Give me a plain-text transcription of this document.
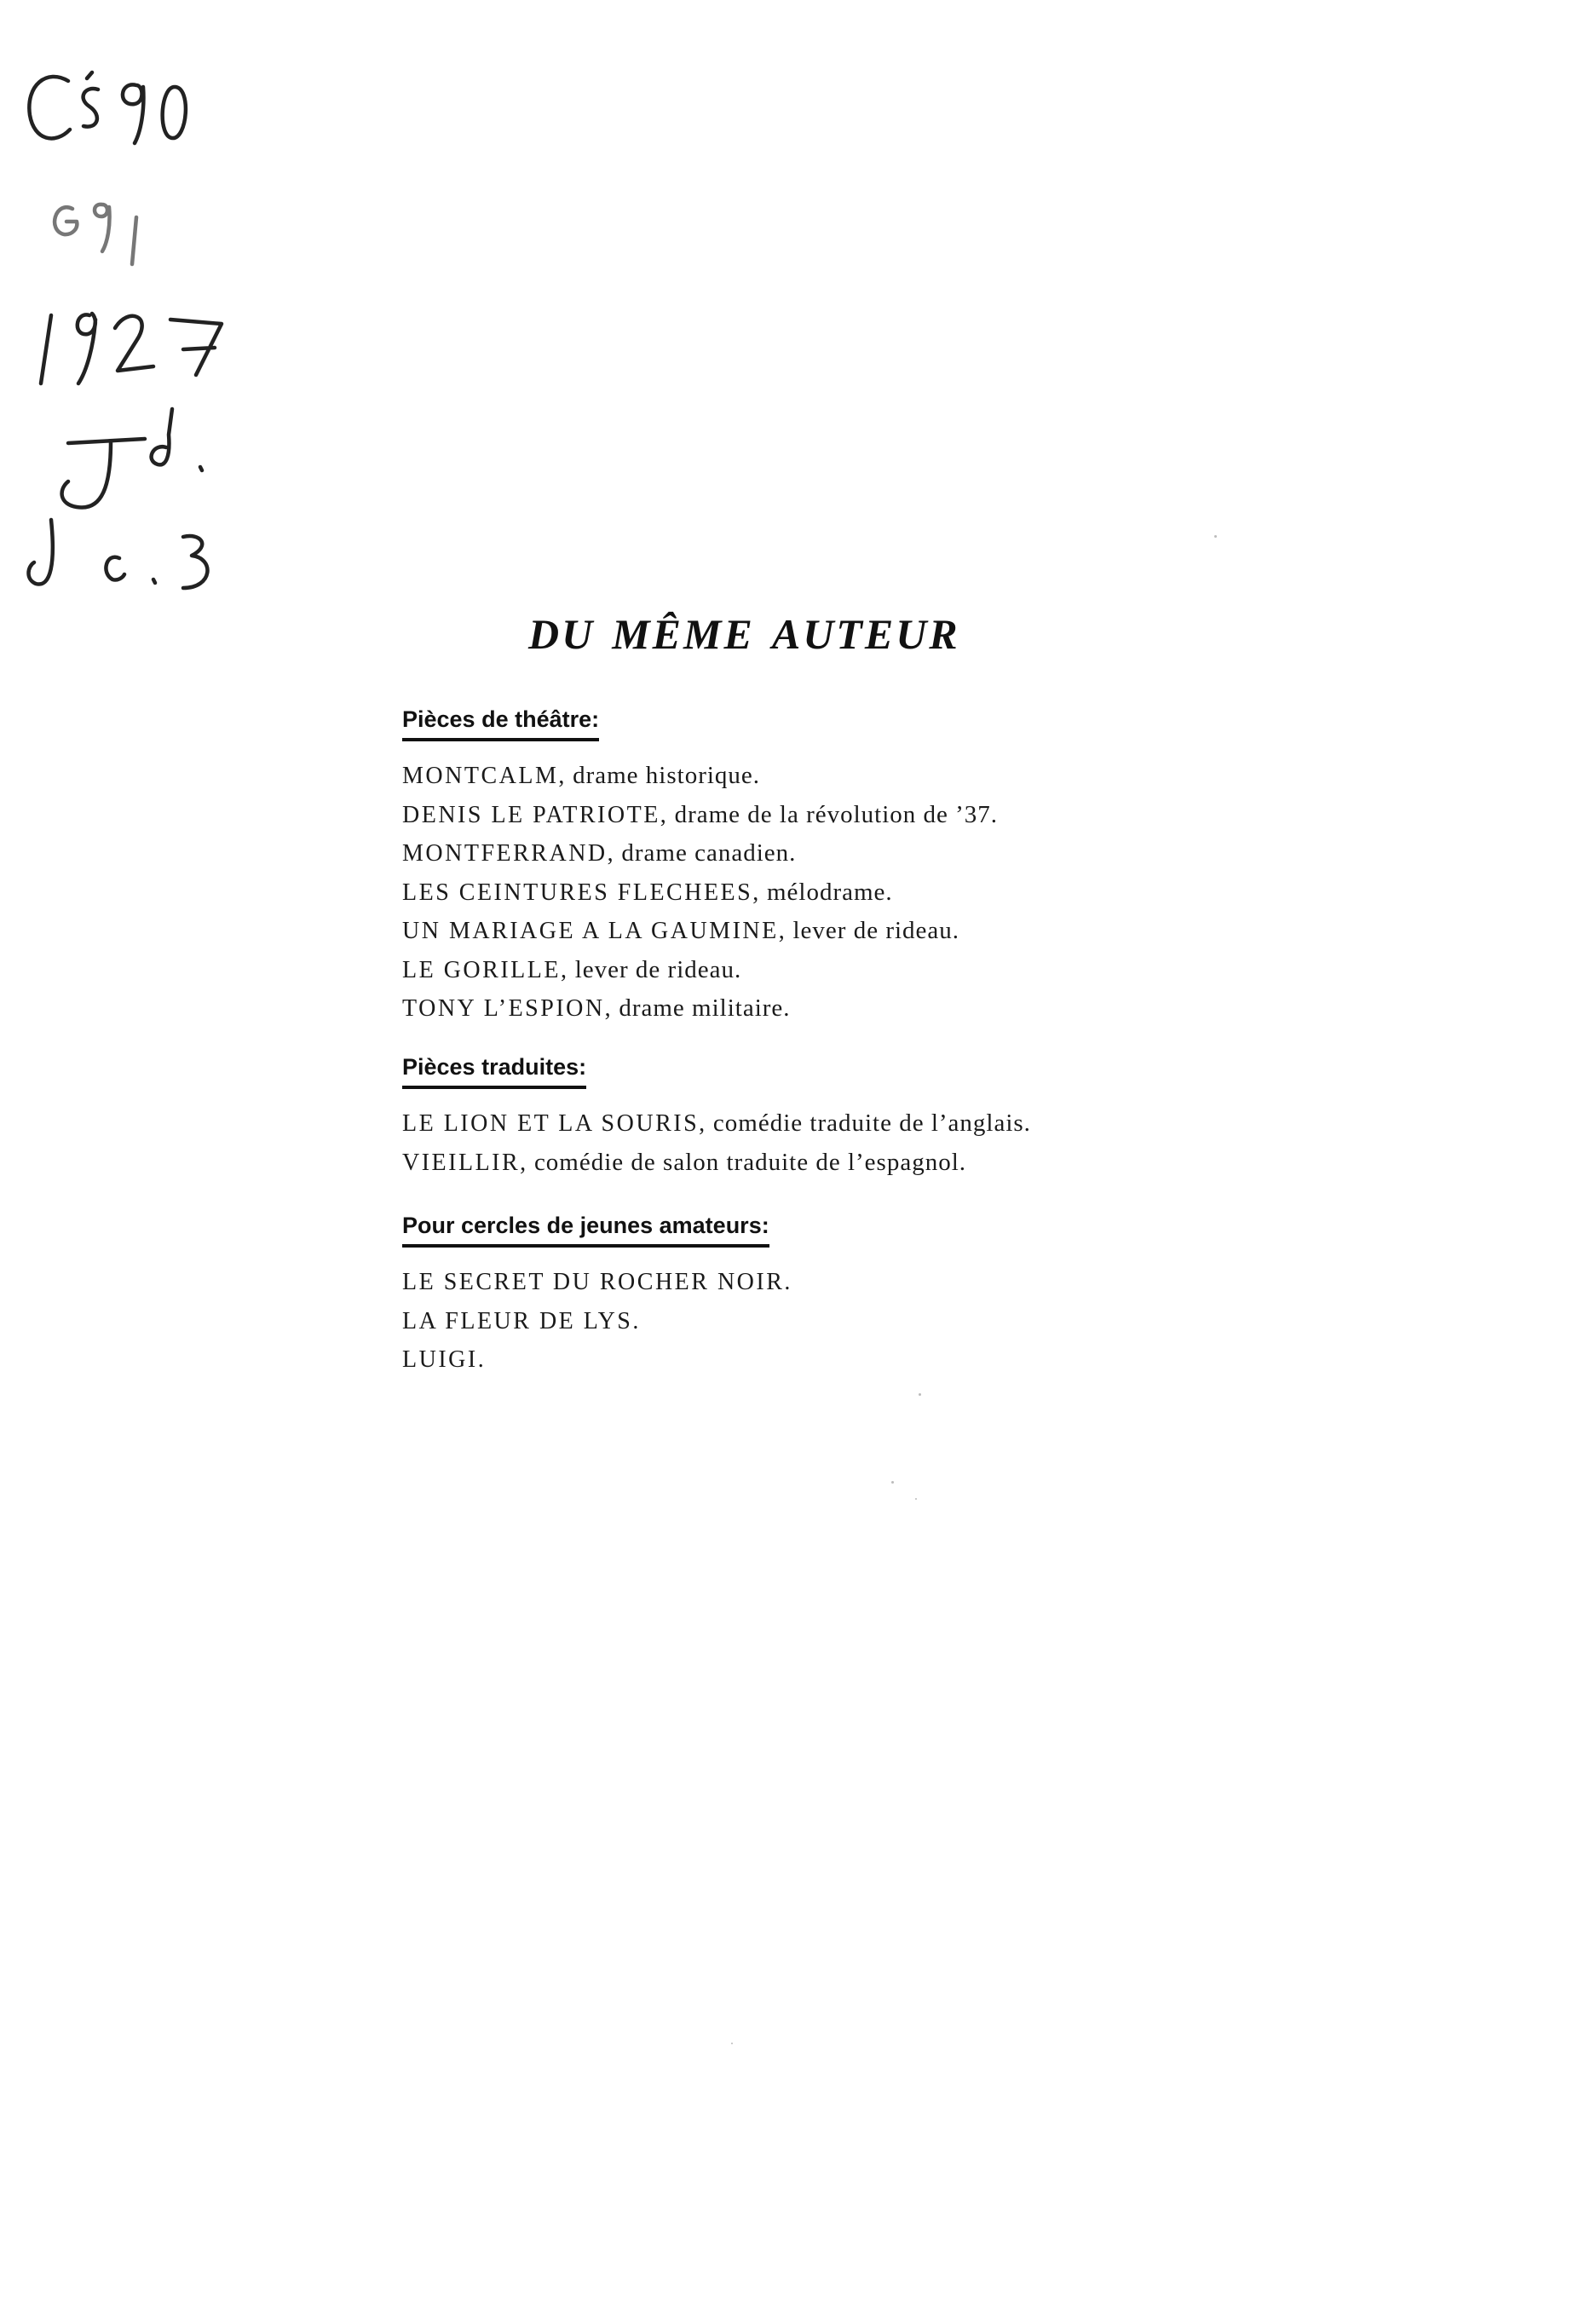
DU MÊME AUTEUR
Pièces de théâtre:
MONTCALM, drame historique.
DENIS LE PATRIOTE, drame de la révolution de ’37.
MONTFERRAND, drame canadien.
LES CEINTURES FLECHEES, mélodrame.
UN MARIAGE A LA GAUMINE, lever de rideau.
LE GORILLE, lever de rideau.
TONY L’ESPION, drame militaire.
Pièces traduites:
LE LION ET LA SOURIS, comédie traduite de l’anglais.
VIEILLIR, comédie de salon traduite de l’espagnol.
Pour cercles de jeunes amateurs:
LE SECRET DU ROCHER NOIR.
LA FLEUR DE LYS.
LUIGI.
